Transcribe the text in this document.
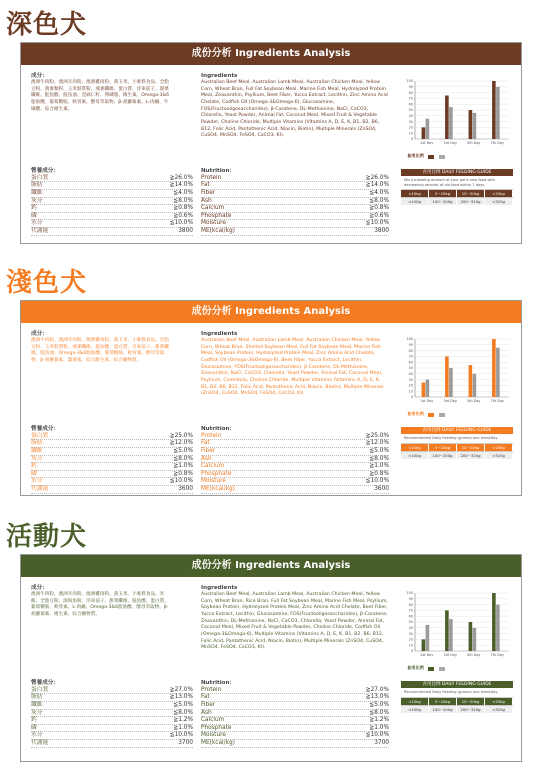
深色犬
成份分析 Ingredients Analysis
成分：
澳洲牛肉粉、澳洲羊肉粉、澳洲雞肉粉、黃玉米、小麥麩食品、全脂豆粉、燕麥類粉、玉米麩質粉、燕麥纖維、蛋白質、洋車前子、甜菜纖維、鮭魚酸、鮭魚油、亞麻仁籽、卵磷脂、維生素、Omega-3&6脂肪酸、葡萄糖胺、軟骨素、酵母萃取物、β-胡蘿蔔素、L-肉鹼、牛磺酸、綜合維生素。
Ingredients
Australian Beef Meal, Australian Lamb Meal, Australian Chicken Meal, Yellow Corn, Wheat Bran, Full Fat Soybean Meal, Marine Fish Meal, Hydrolyzed Protein Meal, Zeaxanthin, Psyllium, Beet Fiber, Yucca Extract, Lecithin, Zinc Amino Acid Chelate, Codfish Oil (Omega-3&Omega-6), Glucosamine, FOS(Fructooligosaccharides), β-Carotene, DL-Methionine, NaCl, CaCO3, Chlorella, Yeast Powder, Animal Fat, Coconut Meal, Mixed Fruit & Vegetable Powder, Choline Chloride, Multiple Vitamins (Vitamins A, D, E, K, B1, B2, B6, B12, Folic Acid, Pantothenic Acid, Niacin, Biotin), Multiple Minerals (ZnSO4, CuSO4, MnSO4, FeSO4, CoCO3, KI).
營養成分：
蛋白質	≧26.0%
脂肪	≧14.0%
纖維	≦4.0%
灰分	≦8.0%
鈣	≧0.8%
磷	≧0.6%
水分	≦10.0%
代謝能	3800
Nutrition：
Protein	≧26.0%
Fat	≧14.0%
Fiber	≦4.0%
Ash	≦8.0%
Calcium	≧0.8%
Phosphate	≧0.6%
Moisture	≦10.0%
ME(kcal/kg)	3800
0
10
20
30
40
50
60
70
80
90
100
1st Day	3rd Day	5th Day	7th Day
食用比例
食用比例 DAILY FEEDING GUIDE
Mix increasing amount of your pet's new food with decreasing amount of old food within 7 days.
<10kg	5~10kg	10~20kg	>20kg
<100g	100~200g	200~320g	>320g
淺色犬
成份分析 Ingredients Analysis
成分：
澳洲牛肉粉、澳洲羊肉粉、澳洲雞肉粉、黃玉米、小麥麩食品、全脂豆粉、玉米麩質粉、燕麥纖維、鮭魚酸、蛋白質、洋車前子、甜菜纖維、鮭魚油、Omega-3&6脂肪酸、葡萄糖胺、軟骨素、酵母萃取物、β-胡蘿蔔素、葉黃素、綜合維生素、綜合礦物質。
Ingredients
Australian Beef Meal, Australian Lamb Meal, Australian Chicken Meal, Yellow Corn, Wheat Bran, Shelled Soybean Meal, Full Fat Soybean Meal, Marine Fish Meal, Soybean Protein, Hydrolyzed Protein Meal, Zinc Amino Acid Chelate, Codfish Oil (Omega-3&Omega-6), Beet Fiber, Yucca Extract, Lecithin, Glucosamine, FOS(Fructooligosaccharides), β-Carotene, DL-Methionine, Zeaxanthin, NaCl, CaCO3, Chlorella, Yeast Powder, Animal Fat, Coconut Meal, Psyllium, Calendula, Choline Chloride, Multiple Vitamins (Vitamins A, D, E, K, B1, B2, B6, B12, Folic Acid, Pantothenic Acid, Niacin, Biotin), Multiple Minerals (ZnSO4, CuSO4, MnSO4, FeSO4, CoCO3, KI).
營養成分：
蛋白質	≧25.0%
脂肪	≧12.0%
纖維	≦5.0%
灰分	≦8.0%
鈣	≧1.0%
磷	≧0.8%
水分	≦10.0%
代謝能	3600
Nutrition：
Protein	≧25.0%
Fat	≧12.0%
Fiber	≦5.0%
Ash	≦8.0%
Calcium	≧1.0%
Phosphate	≧0.8%
Moisture	≦10.0%
ME(kcal/kg)	3600
0
10
20
30
40
50
60
70
80
90
100
1st Day	3rd Day	5th Day	7th Day
食用比例
食用比例 DAILY FEEDING GUIDE
Recommended Daily Feeding (grams) one meal/day.
<10kg	5~10kg	10~20kg	>20kg
<100g	100~200g	200~320g	>320g
活動犬
成份分析 Ingredients Analysis
成分：
澳洲牛肉粉、澳洲羊肉粉、澳洲雞肉粉、黃玉米、小麥麩食品、米飯、全脂豆粉、深海魚粉、洋車前子、甜菜纖維、鮭魚酸、蛋白質、葡萄糖胺、軟骨素、L-肉鹼、Omega-3&6脂肪酸、酵母萃取物、β-胡蘿蔔素、維生素、綜合礦物質。
Ingredients
Australian Beef Meal, Australian Lamb Meal, Australian Chicken Meal, Yellow Corn, Wheat Bran, Rice Bran, Full Fat Soybean Meal, Marine Fish Meal, Psyllium, Soybean Protein, Hydrolyzed Protein Meal, Zinc Amino Acid Chelate, Beet Fiber, Yucca Extract, Lecithin, Glucosamine, FOS(Fructooligosaccharides), β-Carotene, Zeaxanthin, DL-Methionine, NaCl, CaCO3, Chlorella, Yeast Powder, Animal Fat, Coconut Meal, Mixed Fruit & Vegetable Powder, Choline Chloride, Codfish Oil (Omega-3&Omega-6), Multiple Vitamins (Vitamins A, D, E, K, B1, B2, B6, B12, Folic Acid, Pantothenic Acid, Niacin, Biotin), Multiple Minerals (ZnSO4, CuSO4, MnSO4, FeSO4, CoCO3, KI).
營養成分：
蛋白質	≧27.0%
脂肪	≧13.0%
纖維	≦5.0%
灰分	≦8.0%
鈣	≧1.2%
磷	≧1.0%
水分	≦10.0%
代謝能	3700
Nutrition：
Protein	≧27.0%
Fat	≧13.0%
Fiber	≦5.0%
Ash	≦8.0%
Calcium	≧1.2%
Phosphate	≧1.0%
Moisture	≦10.0%
ME(kcal/kg)	3700
0
10
20
30
40
50
60
70
80
90
100
1st Day	3rd Day	5th Day	7th Day
食用比例
食用比例 DAILY FEEDING GUIDE
Recommended Daily Feeding (grams) one meal/day.
<10kg	5~10kg	10~20kg	>20kg
<100g	100~200g	200~320g	>320g
